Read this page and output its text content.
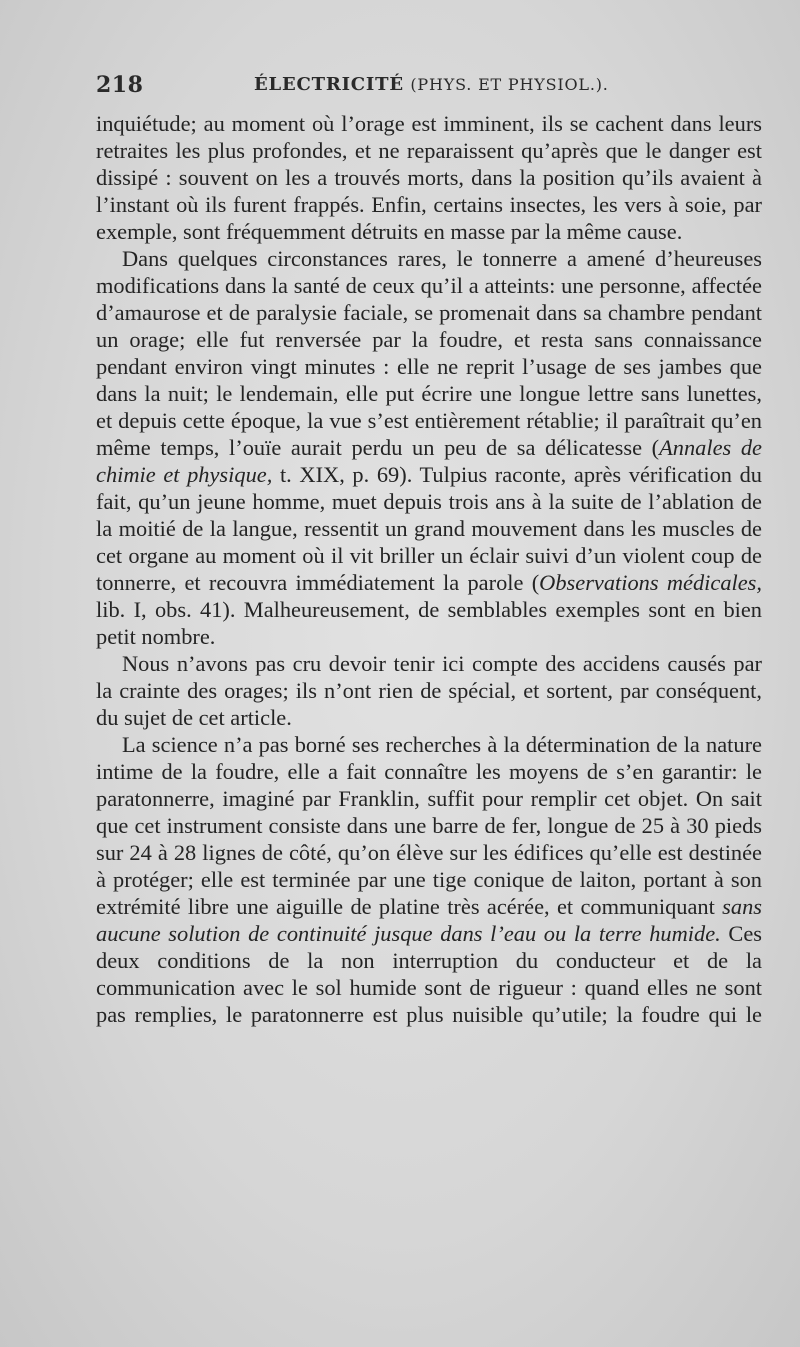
218	ÉLECTRICITÉ (PHYS. ET PHYSIOL.).

inquiétude; au moment où l’orage est imminent, ils se cachent dans leurs retraites les plus profondes, et ne reparaissent qu’après que le danger est dissipé : souvent on les a trouvés morts, dans la position qu’ils avaient à l’instant où ils furent frappés. Enfin, certains insectes, les vers à soie, par exemple, sont fréquemment détruits en masse par la même cause.

Dans quelques circonstances rares, le tonnerre a amené d’heureuses modifications dans la santé de ceux qu’il a atteints: une personne, affectée d’amaurose et de paralysie faciale, se promenait dans sa chambre pendant un orage; elle fut renversée par la foudre, et resta sans connaissance pendant environ vingt minutes : elle ne reprit l’usage de ses jambes que dans la nuit; le lendemain, elle put écrire une longue lettre sans lunettes, et depuis cette époque, la vue s’est entièrement rétablie; il paraîtrait qu’en même temps, l’ouïe aurait perdu un peu de sa délicatesse (Annales de chimie et physique, t. XIX, p. 69). Tulpius raconte, après vérification du fait, qu’un jeune homme, muet depuis trois ans à la suite de l’ablation de la moitié de la langue, ressentit un grand mouvement dans les muscles de cet organe au moment où il vit briller un éclair suivi d’un violent coup de tonnerre, et recouvra immédiatement la parole (Observations médicales, lib. I, obs. 41). Malheureusement, de semblables exemples sont en bien petit nombre.

Nous n’avons pas cru devoir tenir ici compte des accidens causés par la crainte des orages; ils n’ont rien de spécial, et sortent, par conséquent, du sujet de cet article.

La science n’a pas borné ses recherches à la détermination de la nature intime de la foudre, elle a fait connaître les moyens de s’en garantir: le paratonnerre, imaginé par Franklin, suffit pour remplir cet objet. On sait que cet instrument consiste dans une barre de fer, longue de 25 à 30 pieds sur 24 à 28 lignes de côté, qu’on élève sur les édifices qu’elle est destinée à protéger; elle est terminée par une tige conique de laiton, portant à son extrémité libre une aiguille de platine très acérée, et communiquant sans aucune solution de continuité jusque dans l’eau ou la terre humide. Ces deux conditions de la non interruption du conducteur et de la communication avec le sol humide sont de rigueur : quand elles ne sont pas remplies, le paratonnerre est plus nuisible qu’utile; la foudre qui le
